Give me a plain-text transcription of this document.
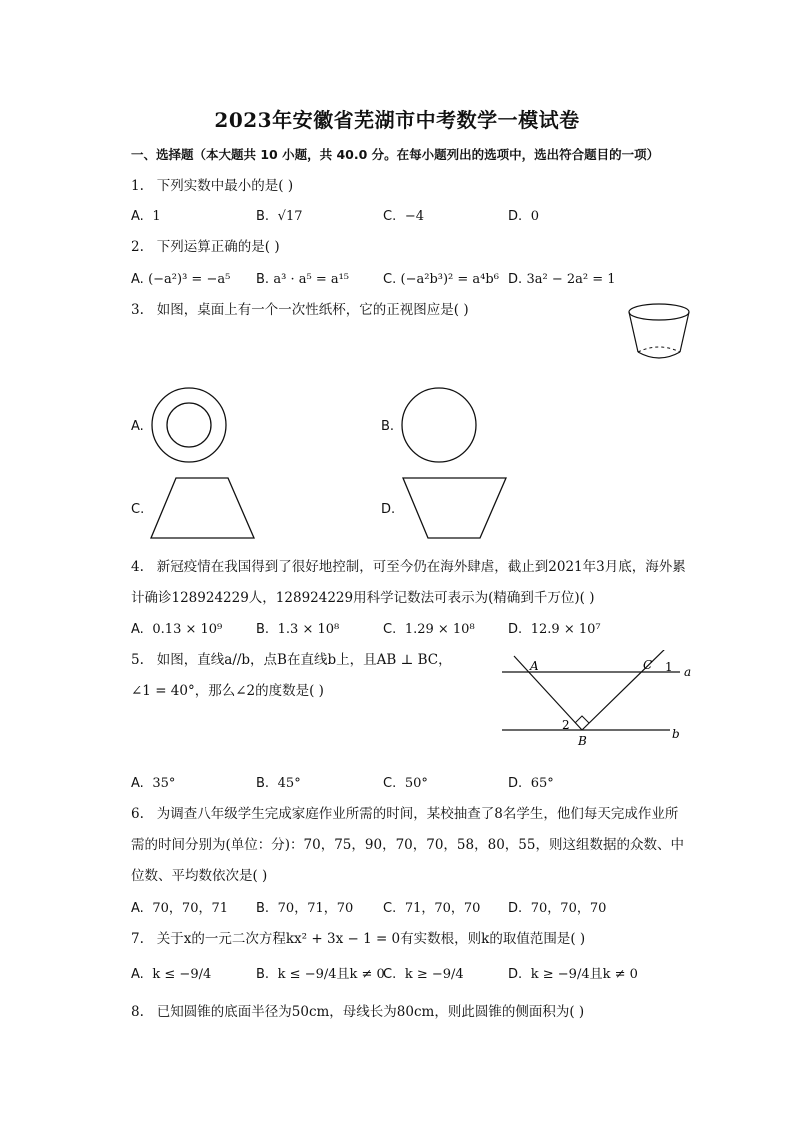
2023年安徽省芜湖市中考数学一模试卷
一、选择题（本大题共 10 小题，共 40.0 分。在每小题列出的选项中，选出符合题目的一项）
1. 下列实数中最小的是( )
A. 1	B. √17	C. −4	D. 0
2. 下列运算正确的是( )
A. (−a²)³ = −a⁵ B. a³ · a⁵ = a¹⁵	C. (−a²b³)² = a⁴b⁶ D. 3a² − 2a² = 1
3. 如图，桌面上有一个一次性纸杯，它的正视图应是( )
A.	B.
C.	D.
4. 新冠疫情在我国得到了很好地控制，可至今仍在海外肆虐，截止到2021年3月底，海外累
计确诊128924229人，128924229用科学记数法可表示为(精确到千万位)( )
A. 0.13 × 10⁹	B. 1.3 × 10⁸	C. 1.29 × 10⁸	D. 12.9 × 10⁷
5. 如图，直线a//b，点B在直线b上，且AB ⊥ BC，
∠1 = 40°，那么∠2的度数是( )
A	C 1 a
2
B	b
A. 35°	B. 45°	C. 50°	D. 65°
6. 为调查八年级学生完成家庭作业所需的时间，某校抽查了8名学生，他们每天完成作业所
需的时间分别为(单位：分)：70，75，90，70，70，58，80，55，则这组数据的众数、中
位数、平均数依次是( )
A. 70，70，71 B. 70，71，70 C. 71，70，70 D. 70，70，70
7. 关于x的一元二次方程kx² + 3x − 1 = 0有实数根，则k的取值范围是( )
A. k ≤ −9/4	B. k ≤ −9/4且k ≠ 0
C. k ≥ −9/4	D. k ≥ −9/4且k ≠ 0
8. 已知圆锥的底面半径为50cm，母线长为80cm，则此圆锥的侧面积为( )
